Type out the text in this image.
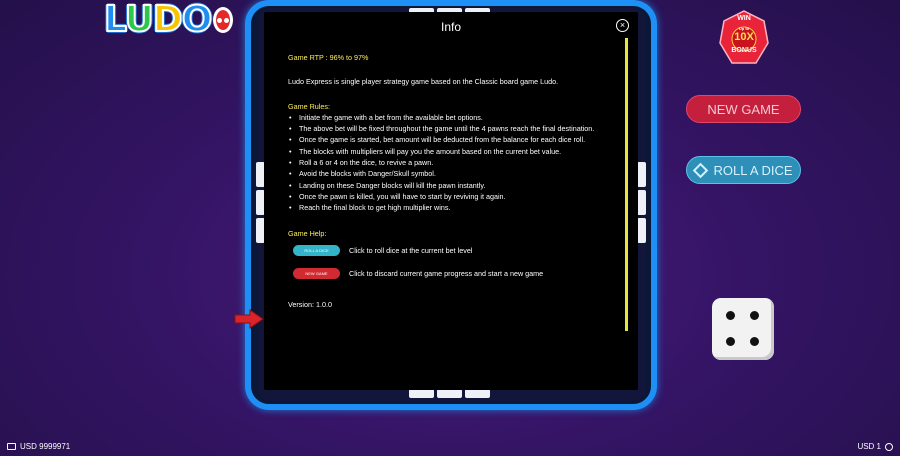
LUDO	Info	×
Game RTP : 96% to 97%
Ludo Express is single player strategy game based on the Classic board game Ludo.
Game Rules:
• Initiate the game with a bet from the available bet options.
• The above bet will be fixed throughout the game until the 4 pawns reach the final destination.
• Once the game is started, bet amount will be deducted from the balance for each dice roll.
• The blocks with multipliers will pay you the amount based on the current bet value.
• Roll a 6 or 4 on the dice, to revive a pawn.
• Avoid the blocks with Danger/Skull symbol.
• Landing on these Danger blocks will kill the pawn instantly.
• Once the pawn is killed, you will have to start by reviving it again.
• Reach the final block to get high multiplier wins.
Game Help:
ROLL A DICE	Click to roll dice at the current bet level
NEW GAME	Click to discard current game progress and start a new game
Version: 1.0.0
WIN
Up to
10X
BONUS
NEW GAME
ROLL A DICE
USD 9999971	USD 1
